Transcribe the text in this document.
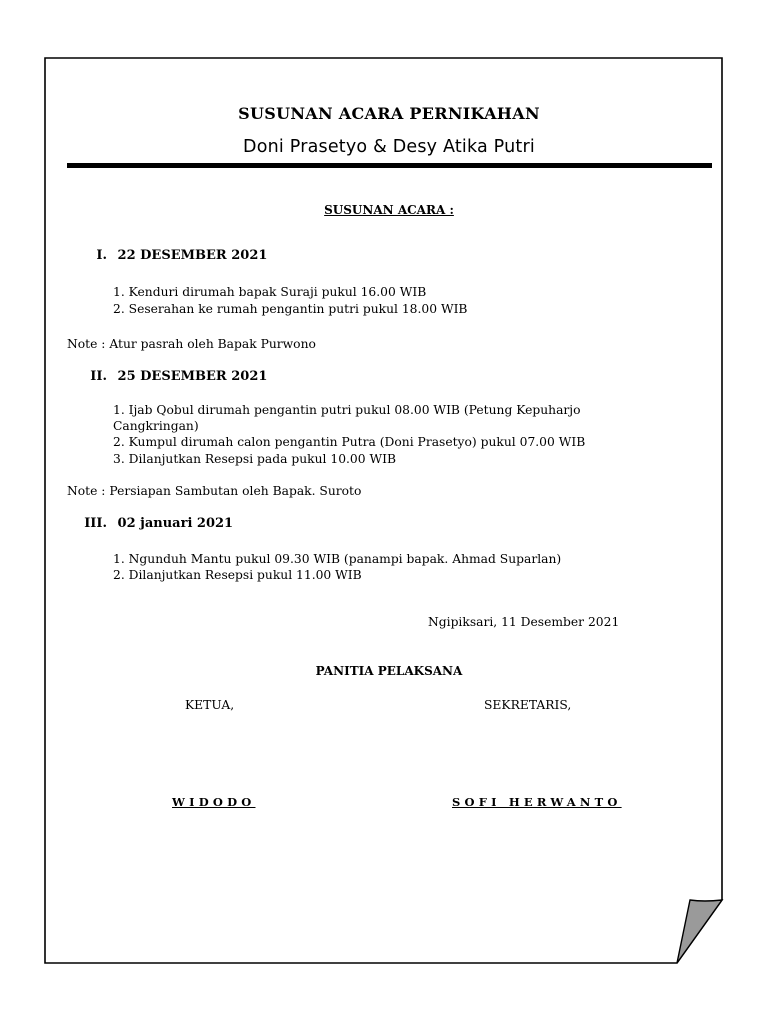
SUSUNAN ACARA PERNIKAHAN
Doni Prasetyo & Desy Atika Putri
SUSUNAN ACARA :
I. 22 DESEMBER 2021
1. Kenduri dirumah bapak Suraji pukul 16.00 WIB
2. Seserahan ke rumah pengantin putri pukul 18.00 WIB
Note : Atur pasrah oleh Bapak Purwono
II. 25 DESEMBER 2021
1. Ijab Qobul dirumah pengantin putri pukul 08.00 WIB (Petung Kepuharjo
Cangkringan)
2. Kumpul dirumah calon pengantin Putra (Doni Prasetyo) pukul 07.00 WIB
3. Dilanjutkan Resepsi pada pukul 10.00 WIB
Note : Persiapan Sambutan oleh Bapak. Suroto
III. 02 januari 2021
1. Ngunduh Mantu pukul 09.30 WIB (panampi bapak. Ahmad Suparlan)
2. Dilanjutkan Resepsi pukul 11.00 WIB
Ngipiksari, 11 Desember 2021
PANITIA PELAKSANA
KETUA,	SEKRETARIS,
WIDODO	SOFI HERWANTO
